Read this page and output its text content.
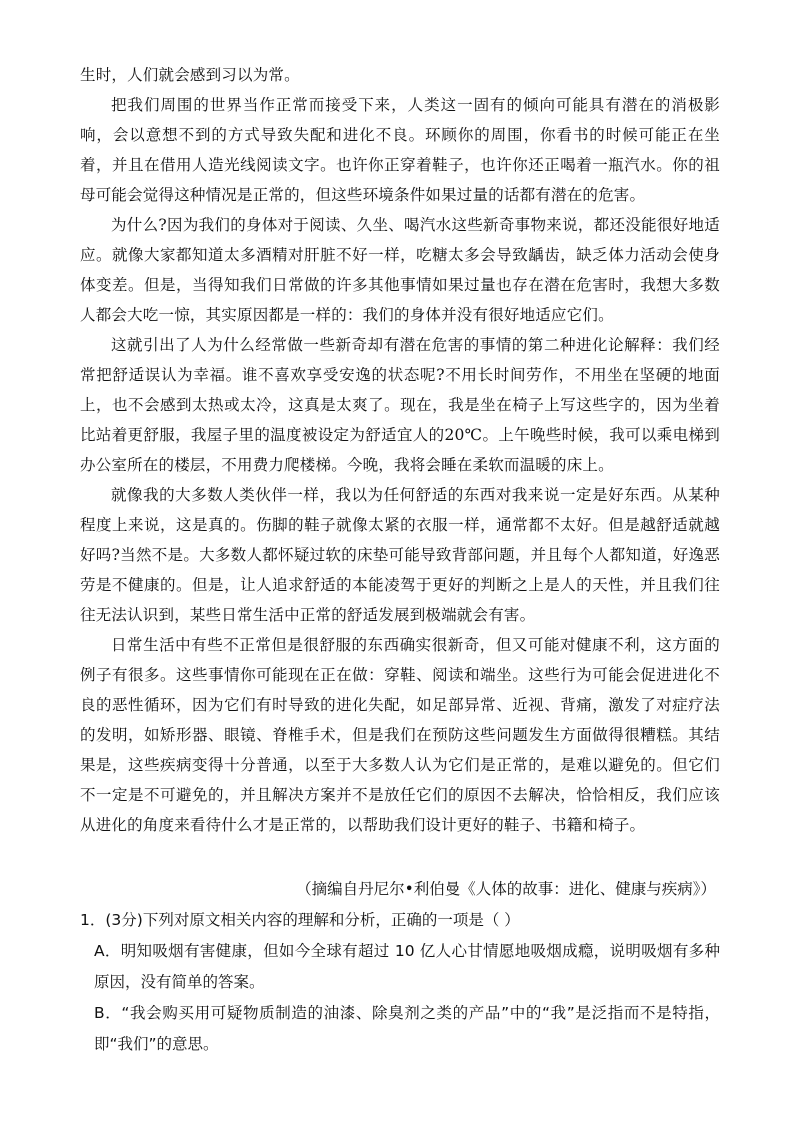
生时，人们就会感到习以为常。

把我们周围的世界当作正常而接受下来，人类这一固有的倾向可能具有潜在的消极影响，会以意想不到的方式导致失配和进化不良。环顾你的周围，你看书的时候可能正在坐着，并且在借用人造光线阅读文字。也许你正穿着鞋子，也许你还正喝着一瓶汽水。你的祖母可能会觉得这种情况是正常的，但这些环境条件如果过量的话都有潜在的危害。

为什么?因为我们的身体对于阅读、久坐、喝汽水这些新奇事物来说，都还没能很好地适应。就像大家都知道太多酒精对肝脏不好一样，吃糖太多会导致龋齿，缺乏体力活动会使身体变差。但是，当得知我们日常做的许多其他事情如果过量也存在潜在危害时，我想大多数人都会大吃一惊，其实原因都是一样的：我们的身体并没有很好地适应它们。

这就引出了人为什么经常做一些新奇却有潜在危害的事情的第二种进化论解释：我们经常把舒适误认为幸福。谁不喜欢享受安逸的状态呢?不用长时间劳作，不用坐在坚硬的地面上，也不会感到太热或太冷，这真是太爽了。现在，我是坐在椅子上写这些字的，因为坐着比站着更舒服，我屋子里的温度被设定为舒适宜人的20℃。上午晚些时候，我可以乘电梯到办公室所在的楼层，不用费力爬楼梯。今晚，我将会睡在柔软而温暖的床上。

就像我的大多数人类伙伴一样，我以为任何舒适的东西对我来说一定是好东西。从某种程度上来说，这是真的。伤脚的鞋子就像太紧的衣服一样，通常都不太好。但是越舒适就越好吗?当然不是。大多数人都怀疑过软的床垫可能导致背部问题，并且每个人都知道，好逸恶劳是不健康的。但是，让人追求舒适的本能凌驾于更好的判断之上是人的天性，并且我们往往无法认识到，某些日常生活中正常的舒适发展到极端就会有害。

日常生活中有些不正常但是很舒服的东西确实很新奇，但又可能对健康不利，这方面的例子有很多。这些事情你可能现在正在做：穿鞋、阅读和端坐。这些行为可能会促进进化不良的恶性循环，因为它们有时导致的进化失配，如足部异常、近视、背痛，激发了对症疗法的发明，如矫形器、眼镜、脊椎手术，但是我们在预防这些问题发生方面做得很糟糕。其结果是，这些疾病变得十分普通，以至于大多数人认为它们是正常的，是难以避免的。但它们不一定是不可避免的，并且解决方案并不是放任它们的原因不去解决，恰恰相反，我们应该从进化的角度来看待什么才是正常的，以帮助我们设计更好的鞋子、书籍和椅子。

（摘编自丹尼尔•利伯曼《人体的故事：进化、健康与疾病》）

1．(3分)下列对原文相关内容的理解和分析，正确的一项是（ ）

A．明知吸烟有害健康，但如今全球有超过 10 亿人心甘情愿地吸烟成瘾，说明吸烟有多种原因，没有简单的答案。

B．“我会购买用可疑物质制造的油漆、除臭剂之类的产品”中的“我”是泛指而不是特指，即“我们”的意思。
